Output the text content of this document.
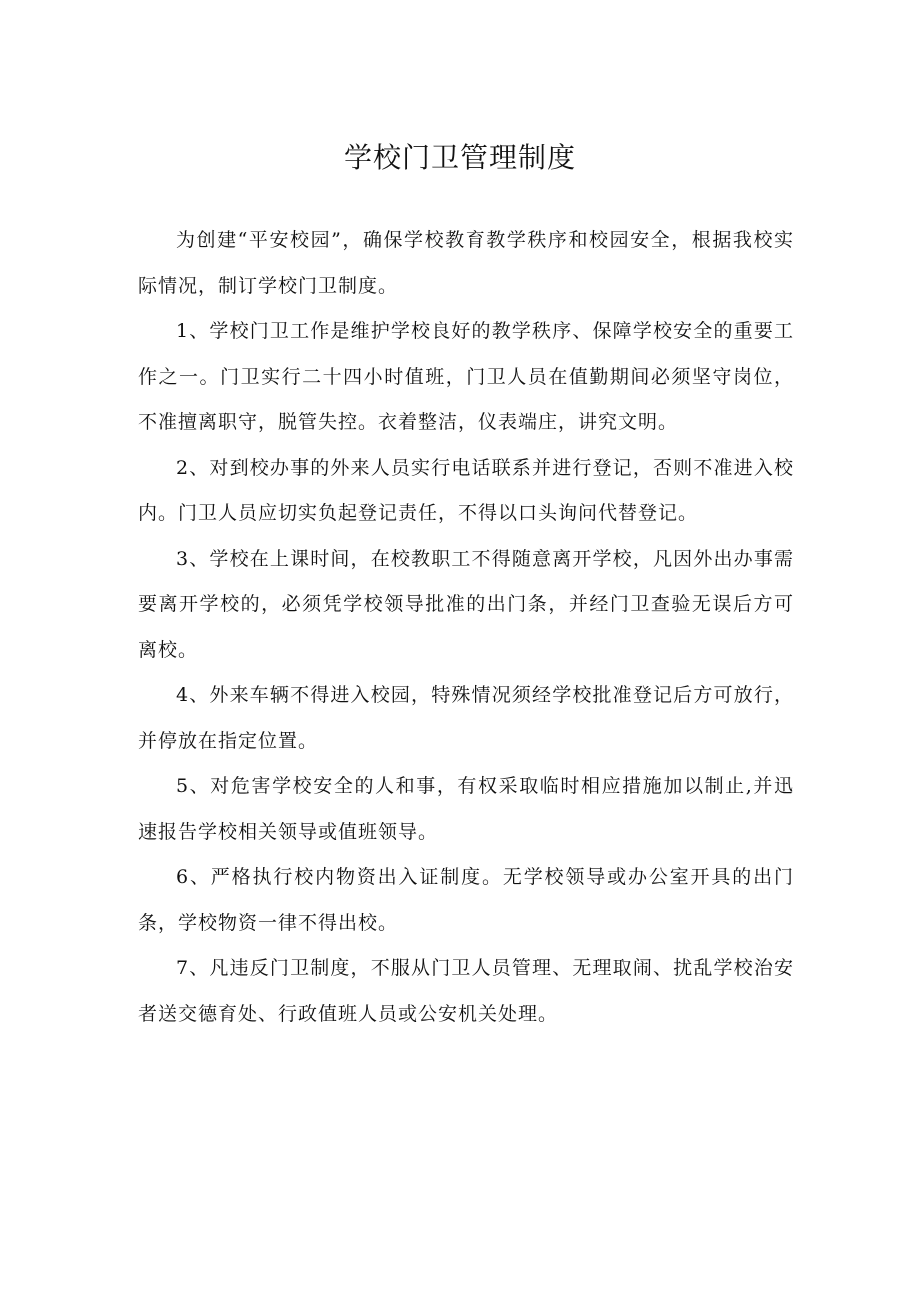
学校门卫管理制度

为创建“平安校园”，确保学校教育教学秩序和校园安全，根据我校实际情况，制订学校门卫制度。

1、学校门卫工作是维护学校良好的教学秩序、保障学校安全的重要工作之一。门卫实行二十四小时值班，门卫人员在值勤期间必须坚守岗位，不准擅离职守，脱管失控。衣着整洁，仪表端庄，讲究文明。

2、对到校办事的外来人员实行电话联系并进行登记，否则不准进入校内。门卫人员应切实负起登记责任，不得以口头询问代替登记。

3、学校在上课时间，在校教职工不得随意离开学校，凡因外出办事需要离开学校的，必须凭学校领导批准的出门条，并经门卫查验无误后方可离校。

4、外来车辆不得进入校园，特殊情况须经学校批准登记后方可放行，并停放在指定位置。

5、对危害学校安全的人和事，有权采取临时相应措施加以制止,并迅速报告学校相关领导或值班领导。

6、严格执行校内物资出入证制度。无学校领导或办公室开具的出门条，学校物资一律不得出校。

7、凡违反门卫制度，不服从门卫人员管理、无理取闹、扰乱学校治安者送交德育处、行政值班人员或公安机关处理。
